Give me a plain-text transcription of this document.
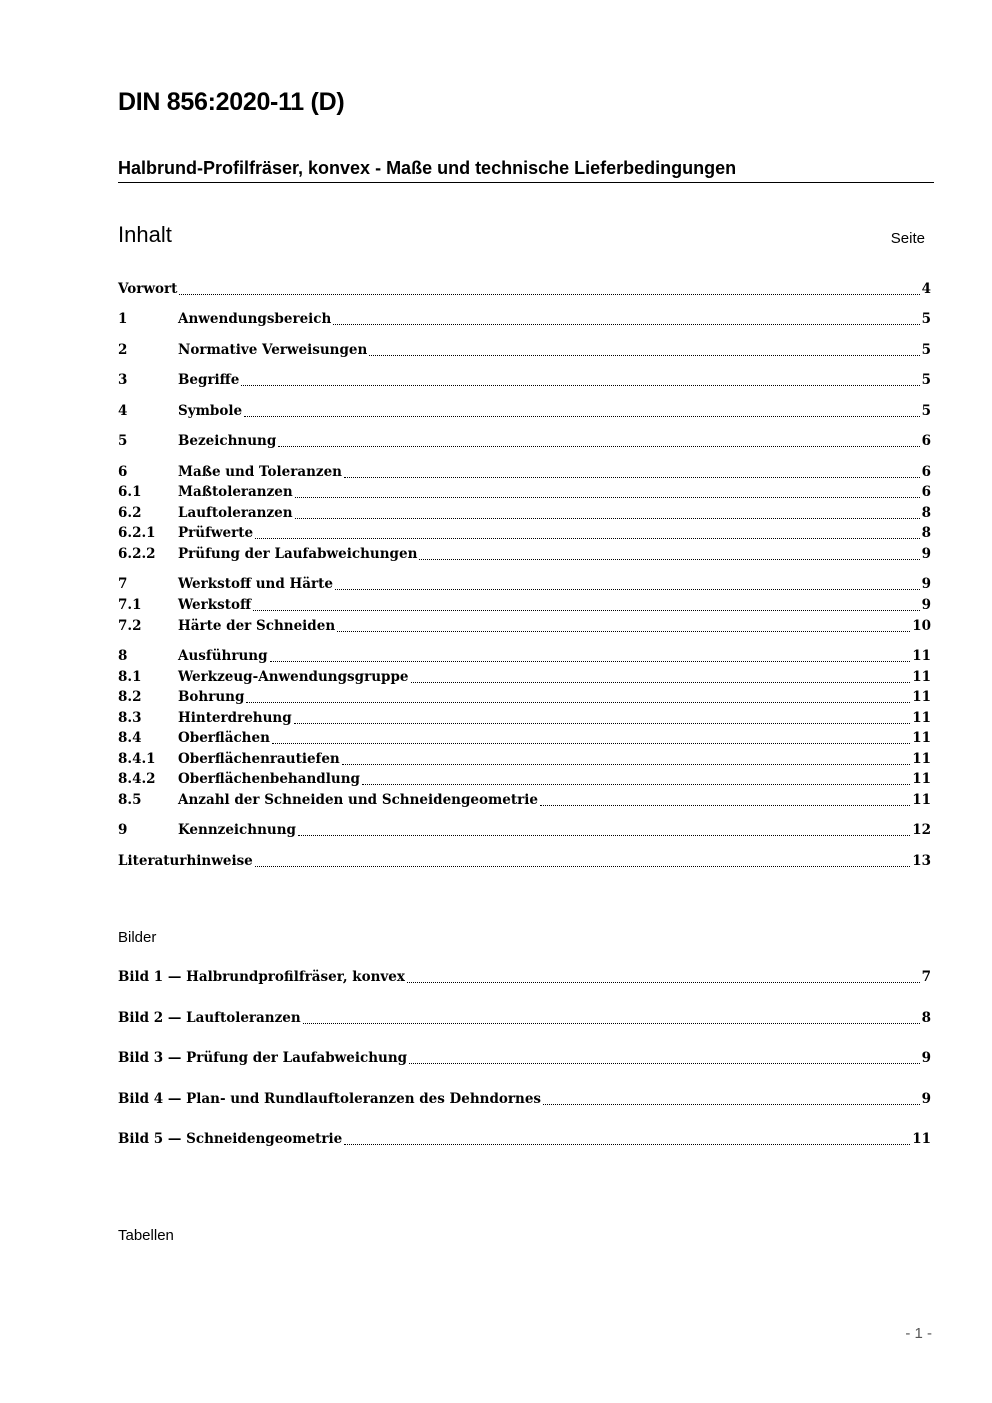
DIN 856:2020-11 (D)
Halbrund-Profilfräser, konvex - Maße und technische Lieferbedingungen
Inhalt	Seite
Vorwort	4
1	Anwendungsbereich	5
2	Normative Verweisungen	5
3	Begriffe	5
4	Symbole	5
5	Bezeichnung	6
6	Maße und Toleranzen	6
6.1	Maßtoleranzen	6
6.2	Lauftoleranzen	8
6.2.1	Prüfwerte	8
6.2.2	Prüfung der Laufabweichungen	9
7	Werkstoff und Härte	9
7.1	Werkstoff	9
7.2	Härte der Schneiden	10
8	Ausführung	11
8.1	Werkzeug-Anwendungsgruppe	11
8.2	Bohrung	11
8.3	Hinterdrehung	11
8.4	Oberflächen	11
8.4.1	Oberflächenrautiefen	11
8.4.2	Oberflächenbehandlung	11
8.5	Anzahl der Schneiden und Schneidengeometrie	11
9	Kennzeichnung	12
Literaturhinweise	13
Bilder
Bild 1 — Halbrundprofilfräser, konvex	7
Bild 2 — Lauftoleranzen	8
Bild 3 — Prüfung der Laufabweichung	9
Bild 4 — Plan- und Rundlauftoleranzen des Dehndornes	9
Bild 5 — Schneidengeometrie	11
Tabellen
- 1 -
